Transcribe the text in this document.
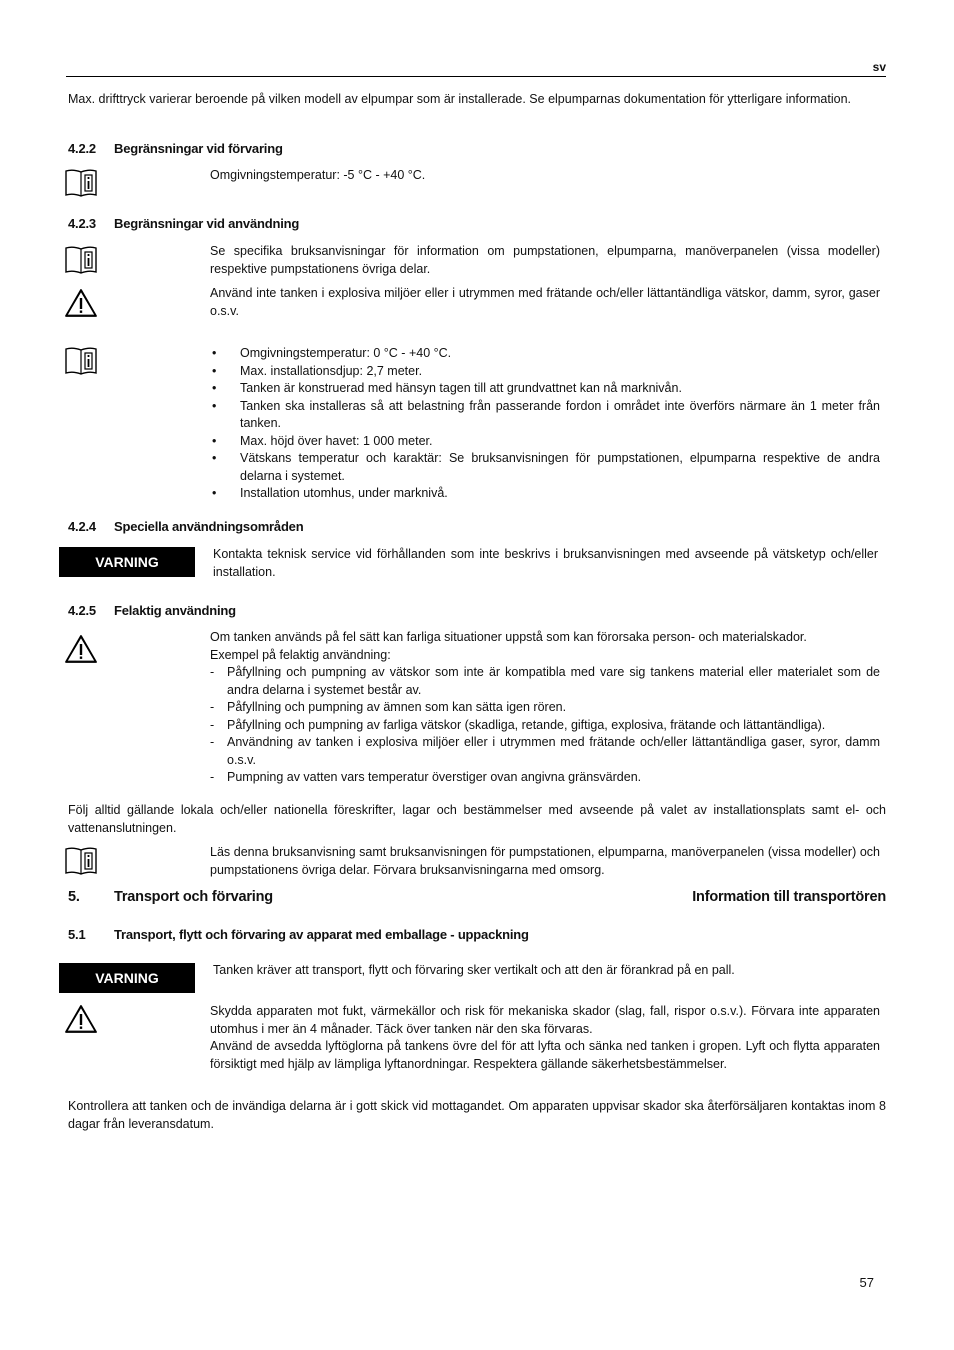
sv
Max. drifttryck varierar beroende på vilken modell av elpumpar som är installerade. Se elpumparnas dokumentation för ytterligare information.
4.2.2 Begränsningar vid förvaring
Omgivningstemperatur: -5 °C - +40 °C.
4.2.3 Begränsningar vid användning
Se specifika bruksanvisningar för information om pumpstationen, elpumparna, manöverpanelen (vissa modeller) respektive pumpstationens övriga delar.
Använd inte tanken i explosiva miljöer eller i utrymmen med frätande och/eller lättantändliga vätskor, damm, syror, gaser o.s.v.
• Omgivningstemperatur: 0 °C - +40 °C.
• Max. installationsdjup: 2,7 meter.
• Tanken är konstruerad med hänsyn tagen till att grundvattnet kan nå marknivån.
• Tanken ska installeras så att belastning från passerande fordon i området inte överförs närmare än 1 meter från tanken.
• Max. höjd över havet: 1 000 meter.
• Vätskans temperatur och karaktär: Se bruksanvisningen för pumpstationen, elpumparna respektive de andra delarna i systemet.
• Installation utomhus, under marknivå.
4.2.4 Speciella användningsområden
VARNING	Kontakta teknisk service vid förhållanden som inte beskrivs i bruksanvisningen med avseende på vätsketyp och/eller installation.
4.2.5 Felaktig användning
Om tanken används på fel sätt kan farliga situationer uppstå som kan förorsaka person- och materialskador.
Exempel på felaktig användning:
- Påfyllning och pumpning av vätskor som inte är kompatibla med vare sig tankens material eller materialet som de andra delarna i systemet består av.
- Påfyllning och pumpning av ämnen som kan sätta igen rören.
- Påfyllning och pumpning av farliga vätskor (skadliga, retande, giftiga, explosiva, frätande och lättantändliga).
- Användning av tanken i explosiva miljöer eller i utrymmen med frätande och/eller lättantändliga gaser, syror, damm o.s.v.
- Pumpning av vatten vars temperatur överstiger ovan angivna gränsvärden.
Följ alltid gällande lokala och/eller nationella föreskrifter, lagar och bestämmelser med avseende på valet av installationsplats samt el- och vattenanslutningen.
Läs denna bruksanvisning samt bruksanvisningen för pumpstationen, elpumparna, manöverpanelen (vissa modeller) och pumpstationens övriga delar. Förvara bruksanvisningarna med omsorg.
5. Transport och förvaring	Information till transportören
5.1 Transport, flytt och förvaring av apparat med emballage - uppackning
VARNING	Tanken kräver att transport, flytt och förvaring sker vertikalt och att den är förankrad på en pall.
Skydda apparaten mot fukt, värmekällor och risk för mekaniska skador (slag, fall, rispor o.s.v.). Förvara inte apparaten utomhus i mer än 4 månader. Täck över tanken när den ska förvaras.
Använd de avsedda lyftöglorna på tankens övre del för att lyfta och sänka ned tanken i gropen. Lyft och flytta apparaten försiktigt med hjälp av lämpliga lyftanordningar. Respektera gällande säkerhetsbestämmelser.
Kontrollera att tanken och de invändiga delarna är i gott skick vid mottagandet. Om apparaten uppvisar skador ska återförsäljaren kontaktas inom 8 dagar från leveransdatum.
57
